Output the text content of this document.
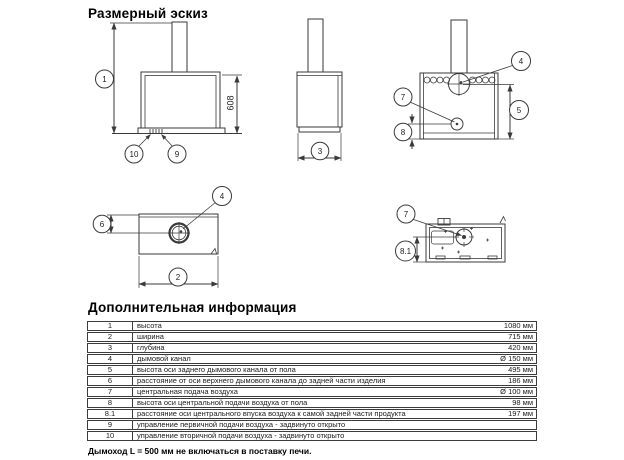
Размерный эскиз
608
10	9
1
3
4
7
5
8
4
6
2
7
8.1
Дополнительная информация
1	высота	1080 мм
2	ширина	715 мм
3	глубина	420 мм
4	дымовой канал	Ø 150 мм
5	высота оси заднего дымового канала от пола	495 мм
6	расстояние от оси верхнего дымового канала до задней части изделия	186 мм
7	центральная подача воздуха	Ø 100 мм
8	высота оси центральной подачи воздуха от пола	98 мм
8.1	расстояние оси центрального впуска воздуха к самой задней части продукта	197 мм
9	управление первичной подачи воздуха - задвинуто открыто
10	управление вторичной подачи воздуха - задвинуто открыто
Дымоход L = 500 мм не включаться в поставку печи.
